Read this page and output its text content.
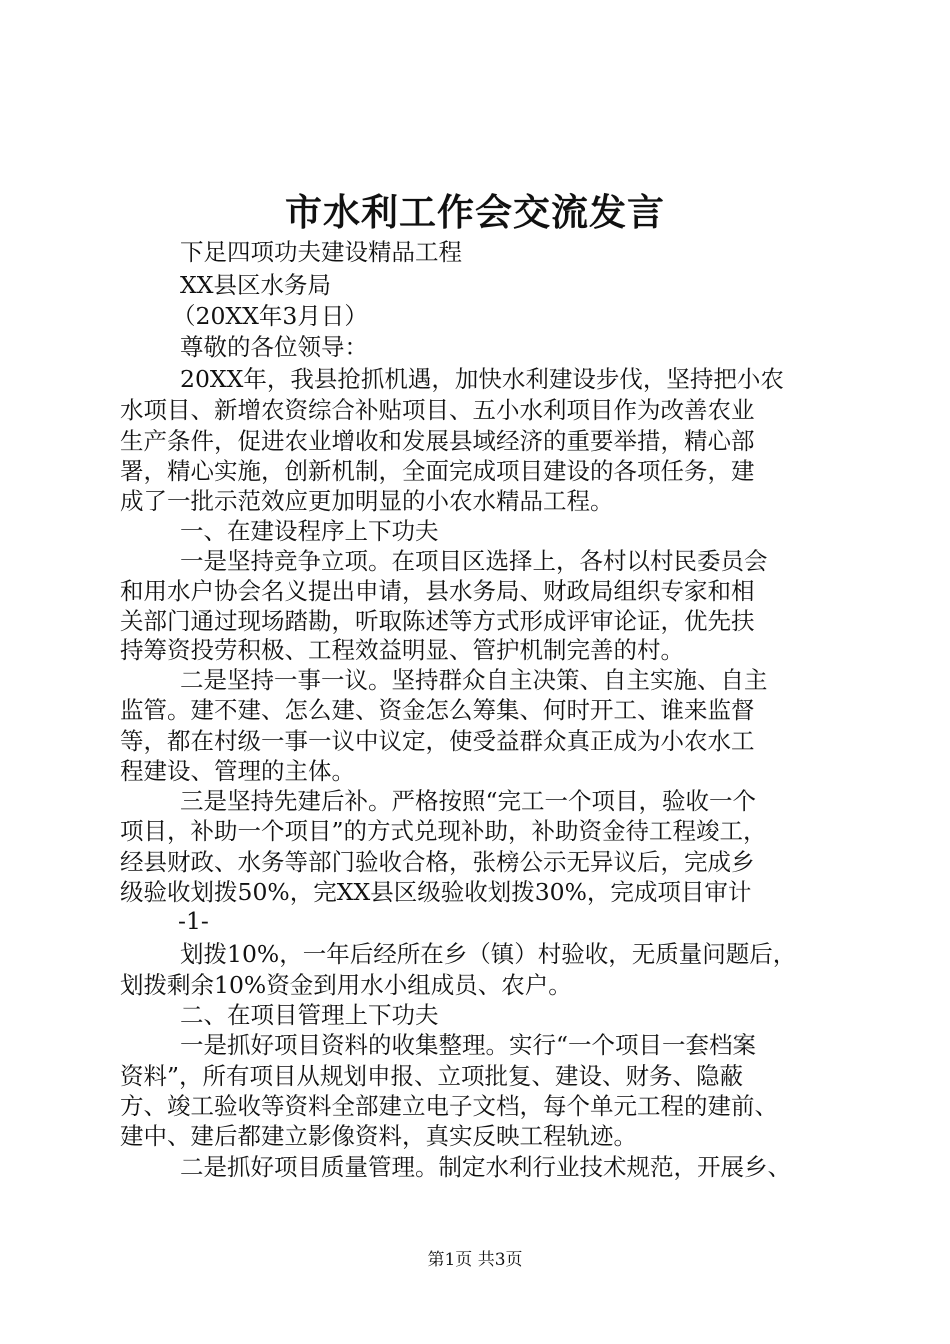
市水利工作会交流发言
下足四项功夫建设精品工程
XX县区水务局
（20XX年3月日）
尊敬的各位领导：
20XX年，我县抢抓机遇，加快水利建设步伐，坚持把小农
水项目、新增农资综合补贴项目、五小水利项目作为改善农业
生产条件，促进农业增收和发展县域经济的重要举措，精心部
署，精心实施，创新机制，全面完成项目建设的各项任务，建
成了一批示范效应更加明显的小农水精品工程。
一、在建设程序上下功夫
一是坚持竞争立项。在项目区选择上，各村以村民委员会
和用水户协会名义提出申请，县水务局、财政局组织专家和相
关部门通过现场踏勘，听取陈述等方式形成评审论证，优先扶
持筹资投劳积极、工程效益明显、管护机制完善的村。
二是坚持一事一议。坚持群众自主决策、自主实施、自主
监管。建不建、怎么建、资金怎么筹集、何时开工、谁来监督
等，都在村级一事一议中议定，使受益群众真正成为小农水工
程建设、管理的主体。
三是坚持先建后补。严格按照“完工一个项目，验收一个
项目，补助一个项目”的方式兑现补助，补助资金待工程竣工，
经县财政、水务等部门验收合格，张榜公示无异议后，完成乡
级验收划拨50%，完XX县区级验收划拨30%，完成项目审计
-1-
划拨10%，一年后经所在乡（镇）村验收，无质量问题后，
划拨剩余10%资金到用水小组成员、农户。
二、在项目管理上下功夫
一是抓好项目资料的收集整理。实行“一个项目一套档案
资料”，所有项目从规划申报、立项批复、建设、财务、隐蔽
方、竣工验收等资料全部建立电子文档，每个单元工程的建前、
建中、建后都建立影像资料，真实反映工程轨迹。
二是抓好项目质量管理。制定水利行业技术规范，开展乡、
第1页 共3页
